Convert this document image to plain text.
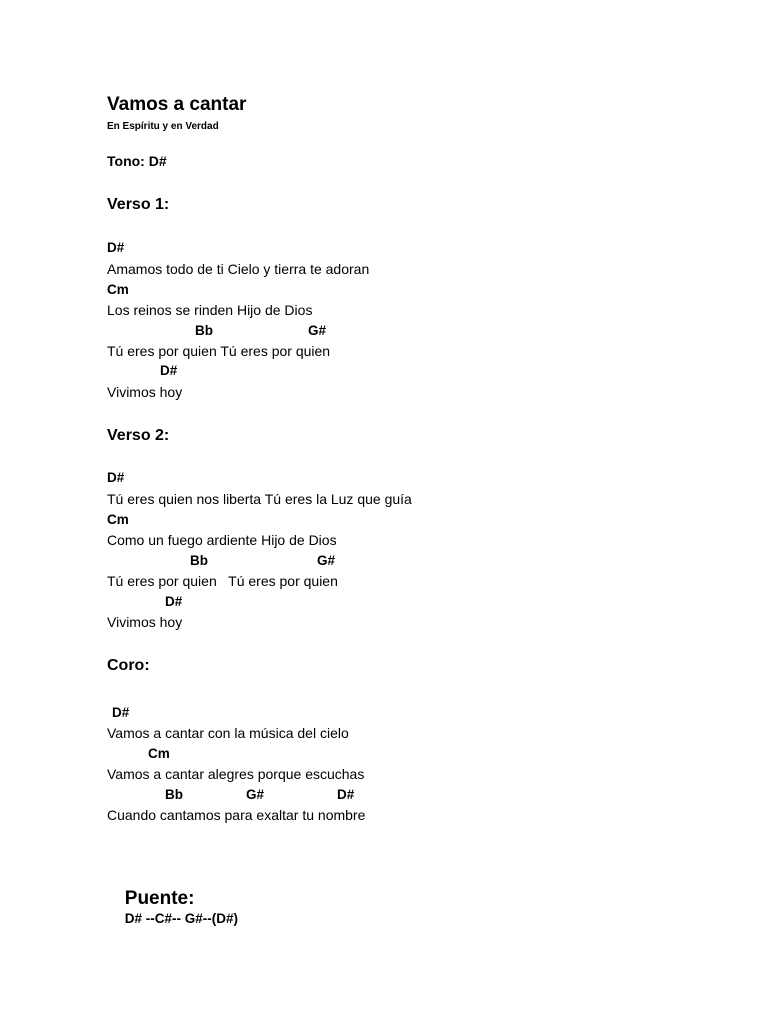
Vamos a cantar
En Espíritu y en Verdad
Tono: D#
Verso 1:
D#
Amamos todo de ti Cielo y tierra te adoran
Cm
Los reinos se rinden Hijo de Dios
Bb	G#
Tú eres por quien Tú eres por quien
D#
Vivimos hoy
Verso 2:
D#
Tú eres quien nos liberta Tú eres la Luz que guía
Cm
Como un fuego ardiente Hijo de Dios
Bb	G#
Tú eres por quien   Tú eres por quien
D#
Vivimos hoy
Coro:
D#
Vamos a cantar con la música del cielo
Cm
Vamos a cantar alegres porque escuchas
Bb	G#	D#
Cuando cantamos para exaltar tu nombre

Puente:
D# --C#-- G#--(D#)
